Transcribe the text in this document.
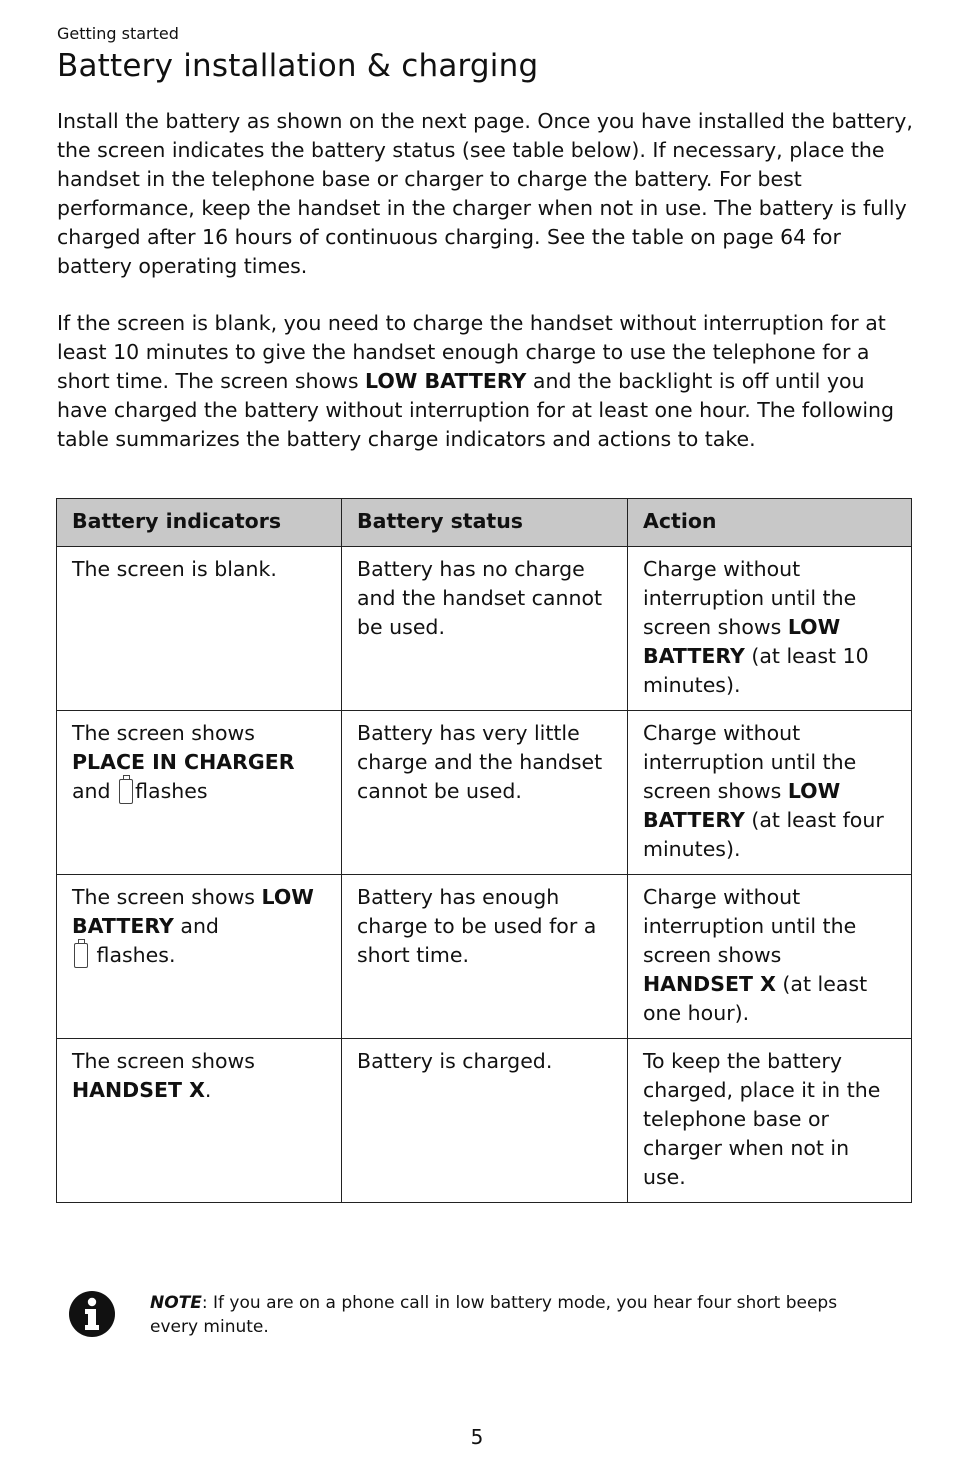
Getting started
Battery installation & charging

Install the battery as shown on the next page. Once you have installed the battery, the screen indicates the battery status (see table below). If necessary, place the handset in the telephone base or charger to charge the battery. For best performance, keep the handset in the charger when not in use. The battery is fully charged after 16 hours of continuous charging. See the table on page 64 for battery operating times.

If the screen is blank, you need to charge the handset without interruption for at least 10 minutes to give the handset enough charge to use the telephone for a short time. The screen shows LOW BATTERY and the backlight is off until you have charged the battery without interruption for at least one hour. The following table summarizes the battery charge indicators and actions to take.

Battery indicators	Battery status	Action
The screen is blank.	Battery has no charge and the handset cannot be used.	Charge without interruption until the screen shows LOW BATTERY (at least 10 minutes).
The screen shows
PLACE IN CHARGER
and flashes	Battery has very little charge and the handset cannot be used.	Charge without interruption until the screen shows LOW BATTERY (at least four minutes).
The screen shows LOW BATTERY and
flashes.	Battery has enough charge to be used for a short time.	Charge without interruption until the screen shows HANDSET X (at least one hour).
The screen shows
HANDSET X.	Battery is charged.	To keep the battery charged, place it in the telephone base or charger when not in use.
NOTE: If you are on a phone call in low battery mode, you hear four short beeps every minute.
5
